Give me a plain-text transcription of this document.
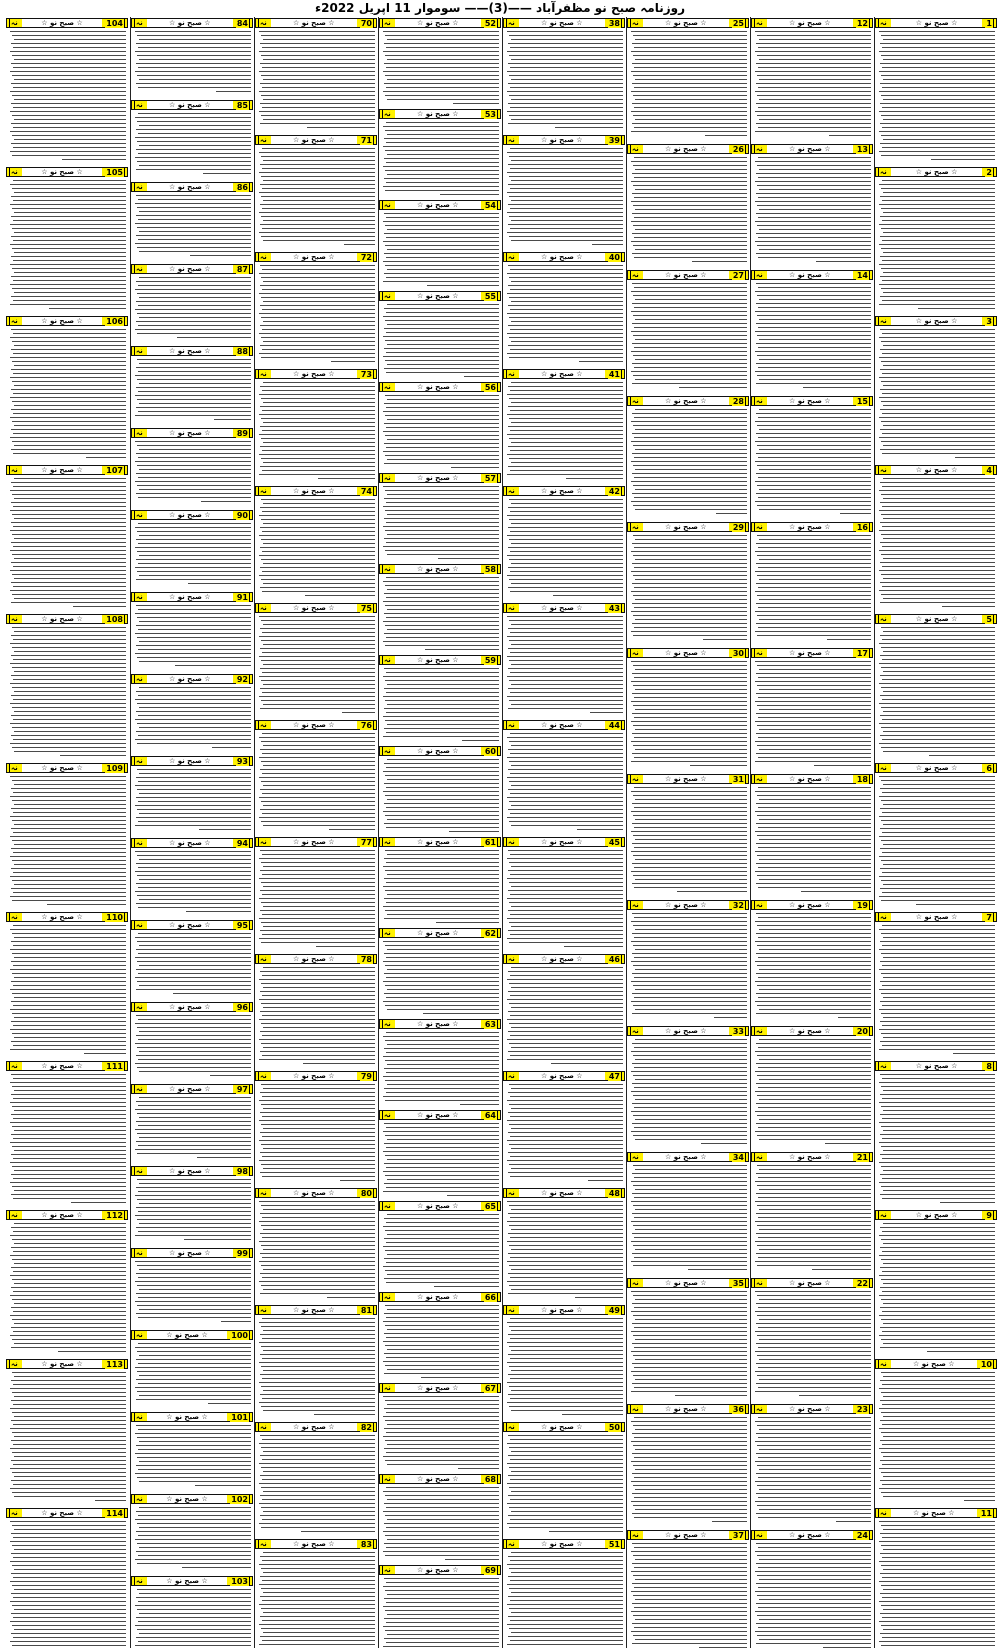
روزنامہ صبح نو مظفرآباد ——(3)—— سوموار 11 اپریل 2022ء
1
☆ صبح نو ☆
نہ
2
☆ صبح نو ☆
نہ
3
☆ صبح نو ☆
نہ
4
☆ صبح نو ☆
نہ
5
☆ صبح نو ☆
نہ
6
☆ صبح نو ☆
نہ
7
☆ صبح نو ☆
نہ
8
☆ صبح نو ☆
نہ
9
☆ صبح نو ☆
نہ
10
☆ صبح نو ☆
نہ
11
☆ صبح نو ☆
نہ
12
☆ صبح نو ☆
نہ
13
☆ صبح نو ☆
نہ
14
☆ صبح نو ☆
نہ
15
☆ صبح نو ☆
نہ
16
☆ صبح نو ☆
نہ
17
☆ صبح نو ☆
نہ
18
☆ صبح نو ☆
نہ
19
☆ صبح نو ☆
نہ
20
☆ صبح نو ☆
نہ
21
☆ صبح نو ☆
نہ
22
☆ صبح نو ☆
نہ
23
☆ صبح نو ☆
نہ
24
☆ صبح نو ☆
نہ
25
☆ صبح نو ☆
نہ
26
☆ صبح نو ☆
نہ
27
☆ صبح نو ☆
نہ
28
☆ صبح نو ☆
نہ
29
☆ صبح نو ☆
نہ
30
☆ صبح نو ☆
نہ
31
☆ صبح نو ☆
نہ
32
☆ صبح نو ☆
نہ
33
☆ صبح نو ☆
نہ
34
☆ صبح نو ☆
نہ
35
☆ صبح نو ☆
نہ
36
☆ صبح نو ☆
نہ
37
☆ صبح نو ☆
نہ
38
☆ صبح نو ☆
نہ
39
☆ صبح نو ☆
نہ
40
☆ صبح نو ☆
نہ
41
☆ صبح نو ☆
نہ
42
☆ صبح نو ☆
نہ
43
☆ صبح نو ☆
نہ
44
☆ صبح نو ☆
نہ
45
☆ صبح نو ☆
نہ
46
☆ صبح نو ☆
نہ
47
☆ صبح نو ☆
نہ
48
☆ صبح نو ☆
نہ
49
☆ صبح نو ☆
نہ
50
☆ صبح نو ☆
نہ
51
☆ صبح نو ☆
نہ
52
☆ صبح نو ☆
نہ
53
☆ صبح نو ☆
نہ
54
☆ صبح نو ☆
نہ
55
☆ صبح نو ☆
نہ
56
☆ صبح نو ☆
نہ
57
☆ صبح نو ☆
نہ
58
☆ صبح نو ☆
نہ
59
☆ صبح نو ☆
نہ
60
☆ صبح نو ☆
نہ
61
☆ صبح نو ☆
نہ
62
☆ صبح نو ☆
نہ
63
☆ صبح نو ☆
نہ
64
☆ صبح نو ☆
نہ
65
☆ صبح نو ☆
نہ
66
☆ صبح نو ☆
نہ
67
☆ صبح نو ☆
نہ
68
☆ صبح نو ☆
نہ
69
☆ صبح نو ☆
نہ
70
☆ صبح نو ☆
نہ
71
☆ صبح نو ☆
نہ
72
☆ صبح نو ☆
نہ
73
☆ صبح نو ☆
نہ
74
☆ صبح نو ☆
نہ
75
☆ صبح نو ☆
نہ
76
☆ صبح نو ☆
نہ
77
☆ صبح نو ☆
نہ
78
☆ صبح نو ☆
نہ
79
☆ صبح نو ☆
نہ
80
☆ صبح نو ☆
نہ
81
☆ صبح نو ☆
نہ
82
☆ صبح نو ☆
نہ
83
☆ صبح نو ☆
نہ
84
☆ صبح نو ☆
نہ
85
☆ صبح نو ☆
نہ
86
☆ صبح نو ☆
نہ
87
☆ صبح نو ☆
نہ
88
☆ صبح نو ☆
نہ
89
☆ صبح نو ☆
نہ
90
☆ صبح نو ☆
نہ
91
☆ صبح نو ☆
نہ
92
☆ صبح نو ☆
نہ
93
☆ صبح نو ☆
نہ
94
☆ صبح نو ☆
نہ
95
☆ صبح نو ☆
نہ
96
☆ صبح نو ☆
نہ
97
☆ صبح نو ☆
نہ
98
☆ صبح نو ☆
نہ
99
☆ صبح نو ☆
نہ
100
☆ صبح نو ☆
نہ
101
☆ صبح نو ☆
نہ
102
☆ صبح نو ☆
نہ
103
☆ صبح نو ☆
نہ
104
☆ صبح نو ☆
نہ
105
☆ صبح نو ☆
نہ
106
☆ صبح نو ☆
نہ
107
☆ صبح نو ☆
نہ
108
☆ صبح نو ☆
نہ
109
☆ صبح نو ☆
نہ
110
☆ صبح نو ☆
نہ
111
☆ صبح نو ☆
نہ
112
☆ صبح نو ☆
نہ
113
☆ صبح نو ☆
نہ
114
☆ صبح نو ☆
نہ
